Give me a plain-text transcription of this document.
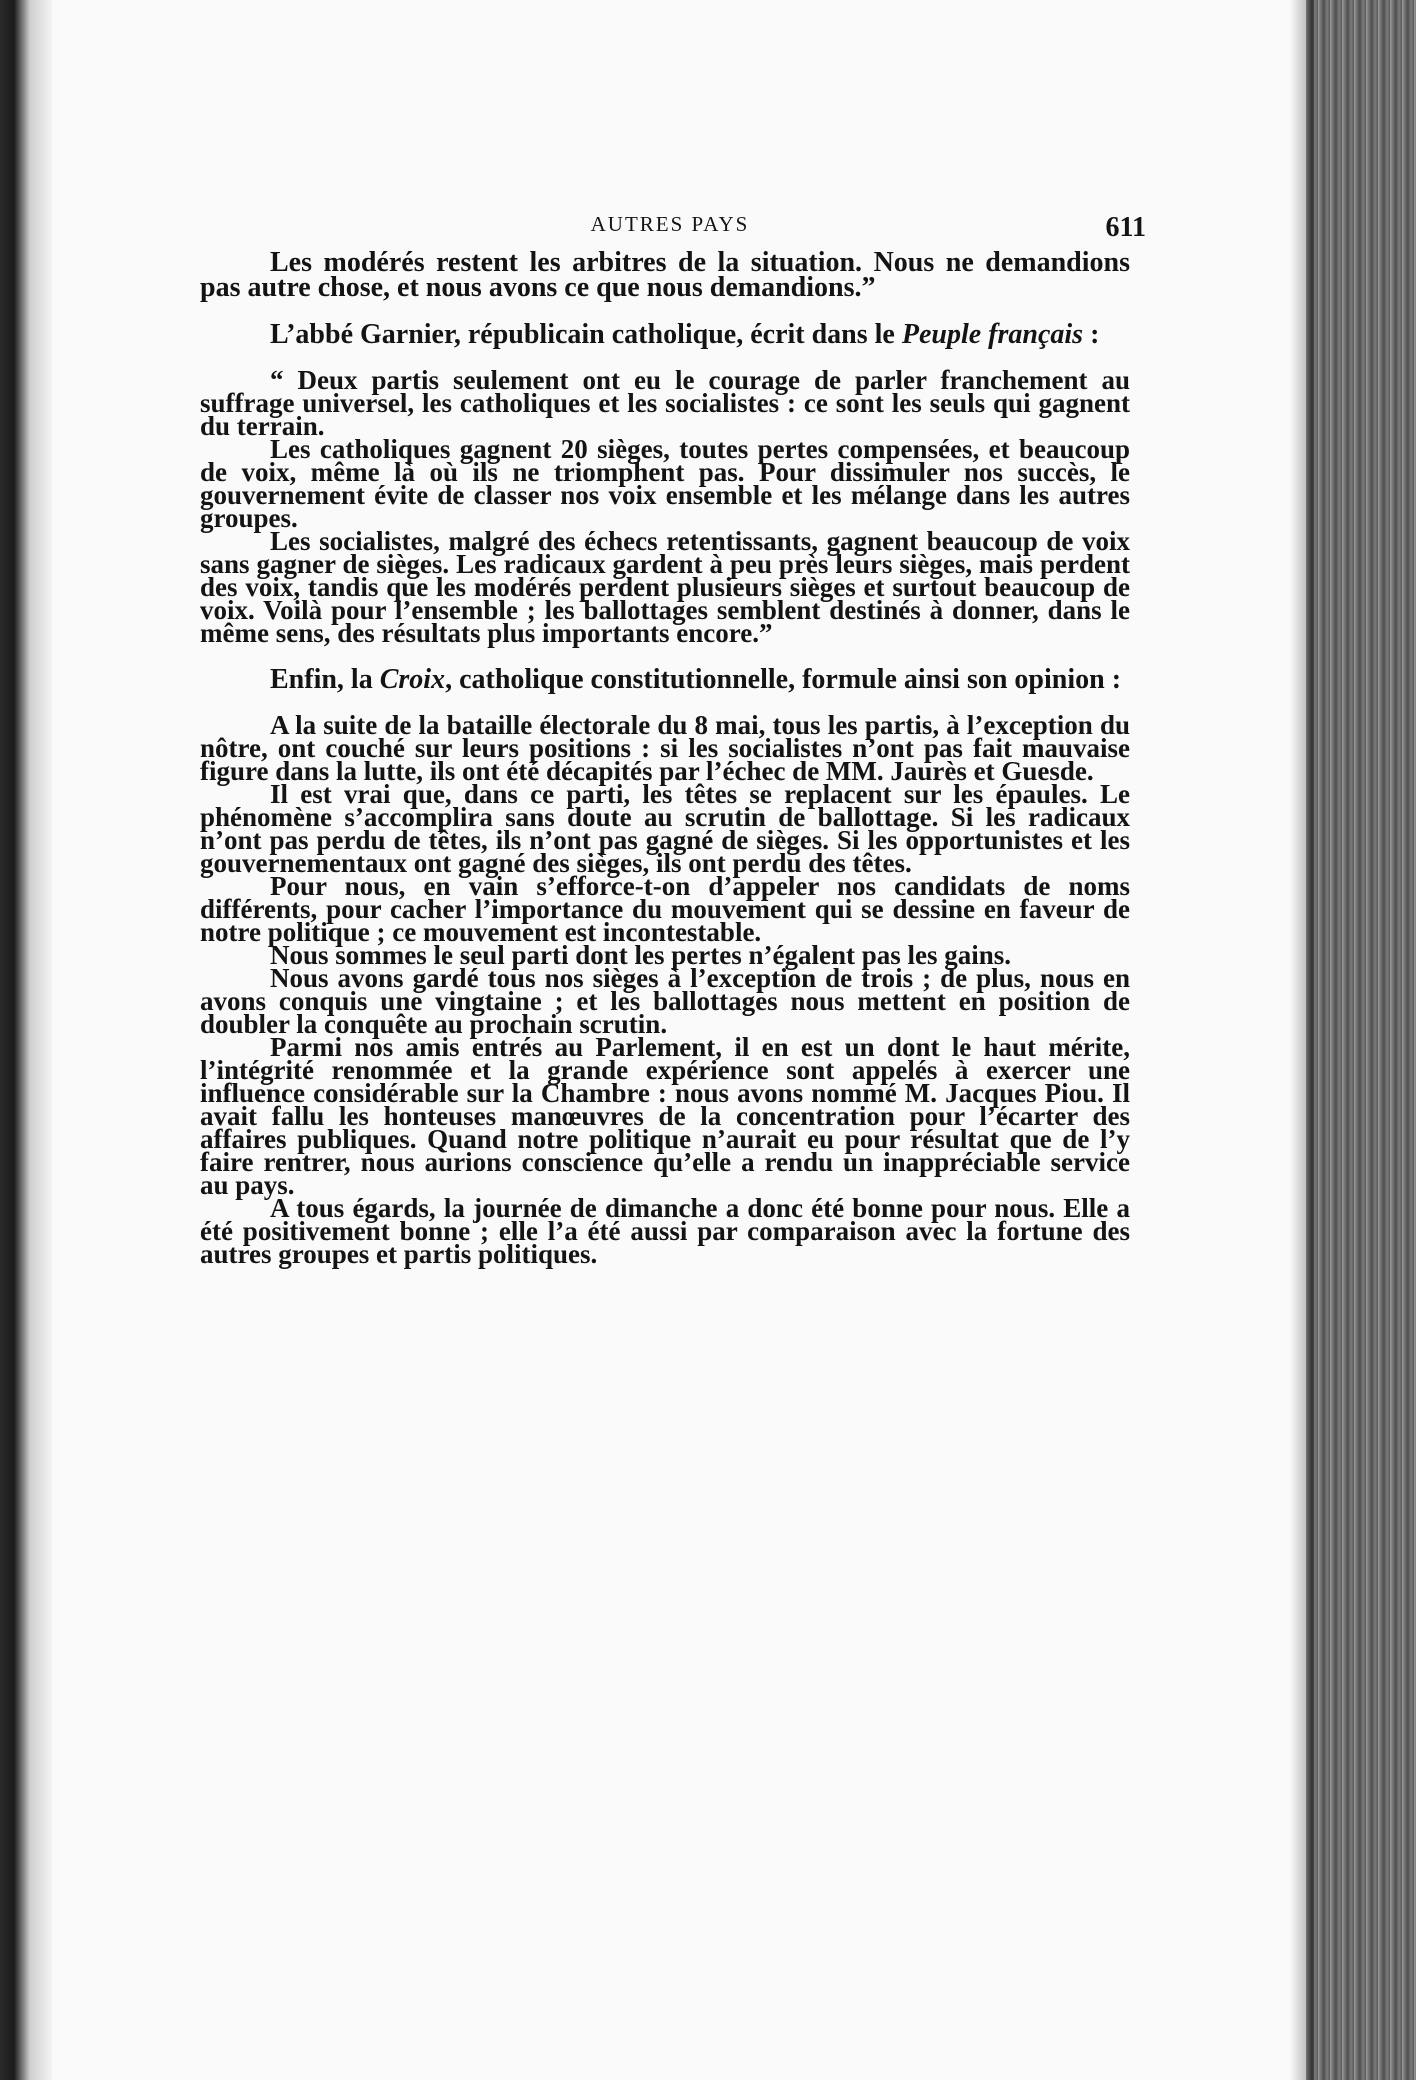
AUTRES PAYS	611

Les modérés restent les arbitres de la situation. Nous ne demandions pas autre chose, et nous avons ce que nous demandions.”

L’abbé Garnier, républicain catholique, écrit dans le Peuple français :

“ Deux partis seulement ont eu le courage de parler franchement au suffrage universel, les catholiques et les socialistes : ce sont les seuls qui gagnent du terrain.

Les catholiques gagnent 20 sièges, toutes pertes compensées, et beaucoup de voix, même là où ils ne triomphent pas. Pour dissimuler nos succès, le gouvernement évite de classer nos voix ensemble et les mélange dans les autres groupes.

Les socialistes, malgré des échecs retentissants, gagnent beaucoup de voix sans gagner de sièges. Les radicaux gardent à peu près leurs sièges, mais perdent des voix, tandis que les modérés perdent plusieurs sièges et surtout beaucoup de voix. Voilà pour l’ensemble ; les ballottages semblent destinés à donner, dans le même sens, des résultats plus importants encore.”

Enfin, la Croix, catholique constitutionnelle, formule ainsi son opinion :

A la suite de la bataille électorale du 8 mai, tous les partis, à l’exception du nôtre, ont couché sur leurs positions : si les socialistes n’ont pas fait mauvaise figure dans la lutte, ils ont été décapités par l’échec de MM. Jaurès et Guesde.

Il est vrai que, dans ce parti, les têtes se replacent sur les épaules. Le phénomène s’accomplira sans doute au scrutin de ballottage. Si les radicaux n’ont pas perdu de têtes, ils n’ont pas gagné de sièges. Si les opportunistes et les gouvernementaux ont gagné des sièges, ils ont perdu des têtes.

Pour nous, en vain s’efforce-t-on d’appeler nos candidats de noms différents, pour cacher l’importance du mouvement qui se dessine en faveur de notre politique ; ce mouvement est incontestable.

Nous sommes le seul parti dont les pertes n’égalent pas les gains.

Nous avons gardé tous nos sièges à l’exception de trois ; de plus, nous en avons conquis une vingtaine ; et les ballottages nous mettent en position de doubler la conquête au prochain scrutin.

Parmi nos amis entrés au Parlement, il en est un dont le haut mérite, l’intégrité renommée et la grande expérience sont appelés à exercer une influence considérable sur la Chambre : nous avons nommé M. Jacques Piou. Il avait fallu les honteuses manœuvres de la concentration pour l’écarter des affaires publiques. Quand notre politique n’aurait eu pour résultat que de l’y faire rentrer, nous aurions conscience qu’elle a rendu un inappréciable service au pays.

A tous égards, la journée de dimanche a donc été bonne pour nous. Elle a été positivement bonne ; elle l’a été aussi par comparaison avec la fortune des autres groupes et partis politiques.
